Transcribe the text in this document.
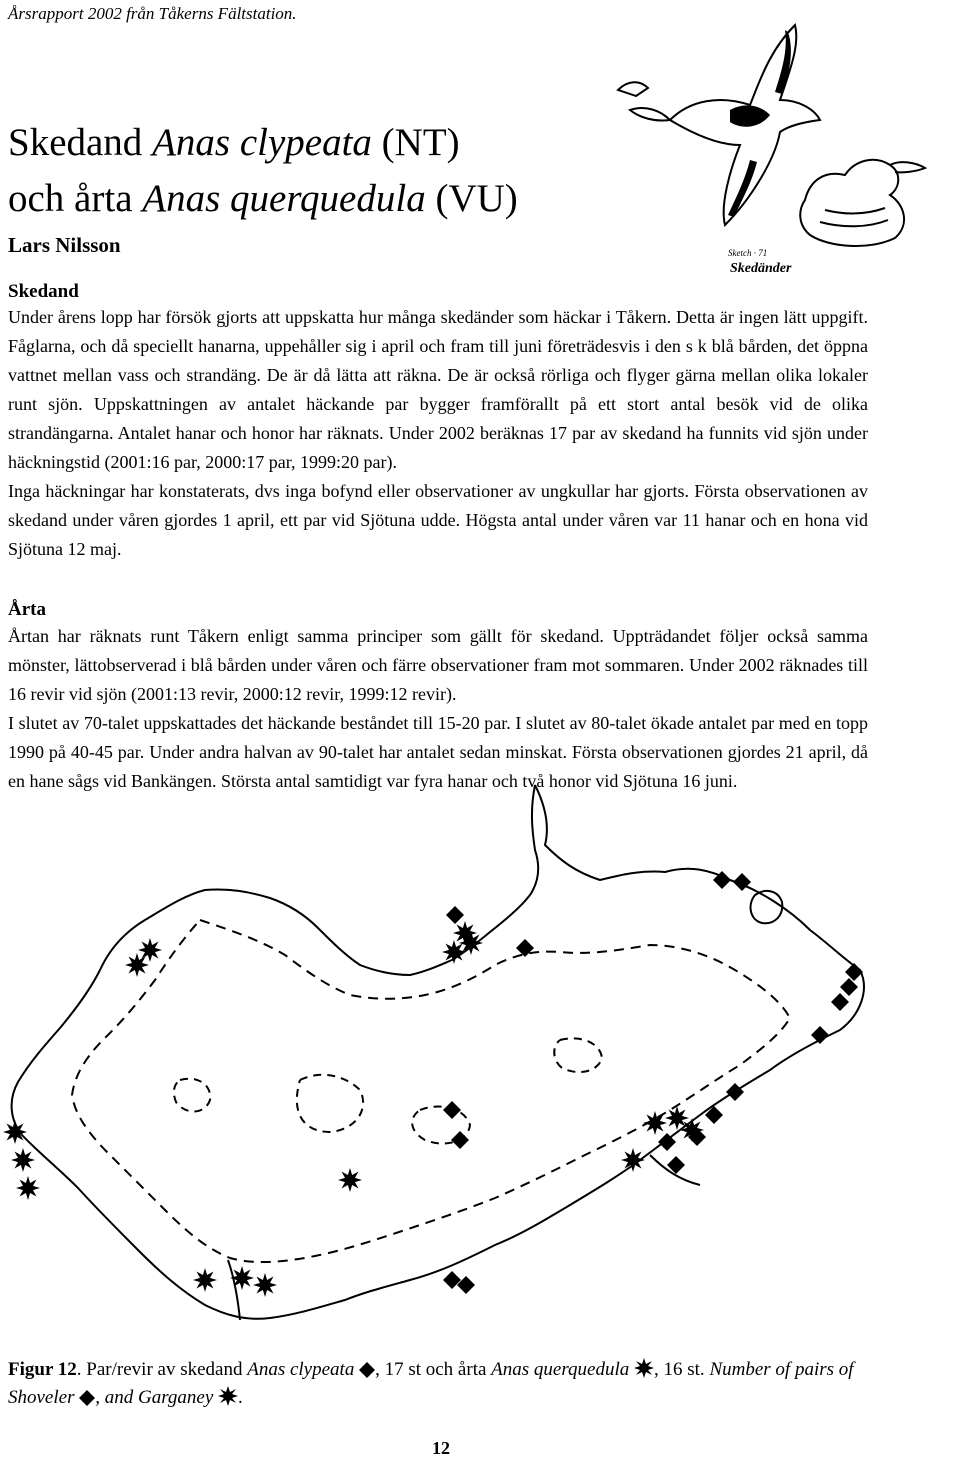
Årsrapport 2002 från Tåkerns Fältstation.
Skedand Anas clypeata (NT)
och årta Anas querquedula (VU)
Lars Nilsson	Sketch · 71
Skedänder
Skedand

Under årens lopp har försök gjorts att uppskatta hur många skedänder som häckar i Tåkern. Detta är ingen lätt uppgift. Fåglarna, och då speciellt hanarna, uppehåller sig i april och fram till juni företrädesvis i den s k blå bården, det öppna vattnet mellan vass och strandäng. De är då lätta att räkna. De är också rörliga och flyger gärna mellan olika lokaler runt sjön. Uppskattningen av antalet häckande par bygger framförallt på ett stort antal besök vid de olika strandängarna. Antalet hanar och honor har räknats. Under 2002 beräknas 17 par av skedand ha funnits vid sjön under häckningstid (2001:16 par, 2000:17 par, 1999:20 par).

Inga häckningar har konstaterats, dvs inga bofynd eller observationer av ungkullar har gjorts. Första observationen av skedand under våren gjordes 1 april, ett par vid Sjötuna udde. Högsta antal under våren var 11 hanar och en hona vid Sjötuna 12 maj.

Årta

Årtan har räknats runt Tåkern enligt samma principer som gällt för skedand. Uppträdandet följer också samma mönster, lättobserverad i blå bården under våren och färre observationer fram mot sommaren. Under 2002 räknades till 16 revir vid sjön (2001:13 revir, 2000:12 revir, 1999:12 revir).

I slutet av 70-talet uppskattades det häckande beståndet till 15-20 par. I slutet av 80-talet ökade antalet par med en topp 1990 på 40-45 par. Under andra halvan av 90-talet har antalet sedan minskat. Första observationen gjordes 21 april, då en hane sågs vid Bankängen. Största antal samtidigt var fyra hanar och två honor vid Sjötuna 16 juni.

Figur 12. Par/revir av skedand Anas clypeata , 17 st och årta Anas querquedula , 16 st. Number of pairs of Shoveler , and Garganey .
12
